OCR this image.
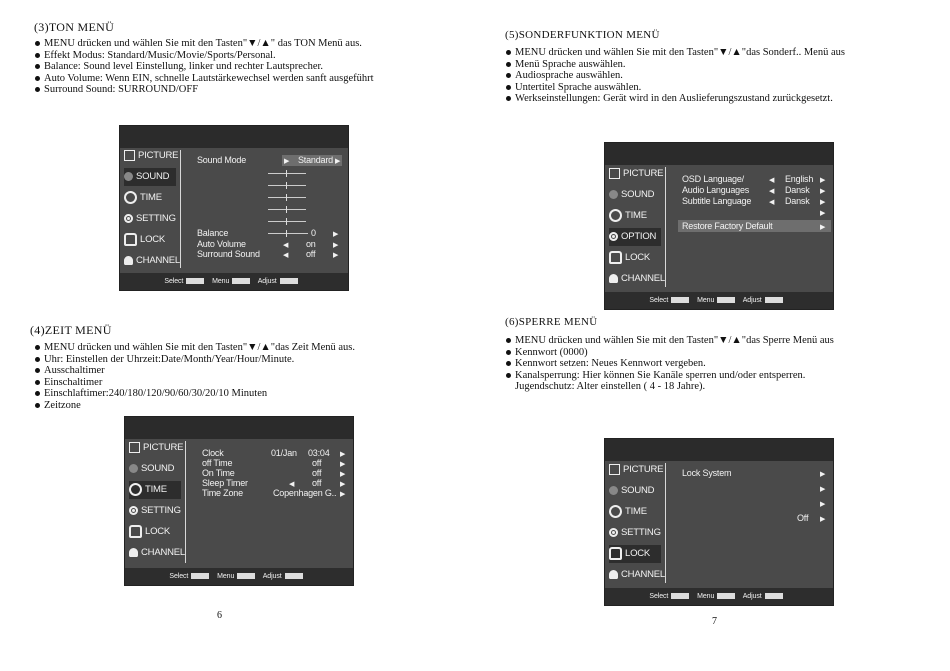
(3)TON MENÜ
MENU drücken und wählen Sie mit den Tasten"▼/▲" das TON Menü aus.
Effekt Modus: Standard/Music/Movie/Sports/Personal.
Balance: Sound level Einstellung, linker und rechter Lautsprecher.
Auto Volume: Wenn EIN, schnelle Lautstärkewechsel werden sanft ausgeführt
Surround Sound: SURROUND/OFF
PICTURE
SOUND
TIME
SETTING
LOCK
CHANNEL
Sound Mode	▶ Standard ▶
Balance	0 ▶
Auto Volume	◀ on ▶
Surround Sound	◀ off	▶
Select	Menu	Adjust
(4)ZEIT MENÜ
MENU drücken und wählen Sie mit den Tasten"▼/▲"das Zeit Menü aus.
Uhr: Einstellen der Uhrzeit:Date/Month/Year/Hour/Minute.
Ausschaltimer
Einschaltimer
Einschlaftimer:240/180/120/90/60/30/20/10 Minuten
Zeitzone
PICTURE
SOUND
TIME
SETTING
LOCK
CHANNEL
Clock	01/Jan 03:04 ▶
off Time	off	▶
On Time	off	▶
Sleep Timer	◀ off	▶
Time Zone	Copenhagen G.. ▶
Select	Menu	Adjust
6
(5)SONDERFUNKTION MENÜ
MENU drücken und wählen Sie mit den Tasten"▼/▲"das Sonderf.. Menü aus
Menü Sprache auswählen.
Audiosprache auswählen.
Untertitel Sprache auswählen.
Werkseinstellungen: Gerät wird in den Auslieferungszustand zurückgesetzt.
PICTURE
SOUND
TIME
OPTION
LOCK
CHANNEL
OSD Language/	◀ English ▶
Audio Languages	◀ Dansk ▶
Subtitle Language	◀ Dansk ▶
▶
Restore Factory Default	▶
Select	Menu	Adjust
(6)SPERRE MENÜ
MENU drücken und wählen Sie mit den Tasten"▼/▲"das Sperre Menü aus
Kennwort (0000)
Kennwort setzen: Neues Kennwort vergeben.
Kanalsperrung: Hier können Sie Kanäle sperren und/oder entsperren.
Jugendschutz: Alter einstellen ( 4 - 18 Jahre).
PICTURE
SOUND
TIME
SETTING
LOCK
CHANNEL
Lock System	▶
▶
▶
Off ▶
Select	Menu	Adjust
7
